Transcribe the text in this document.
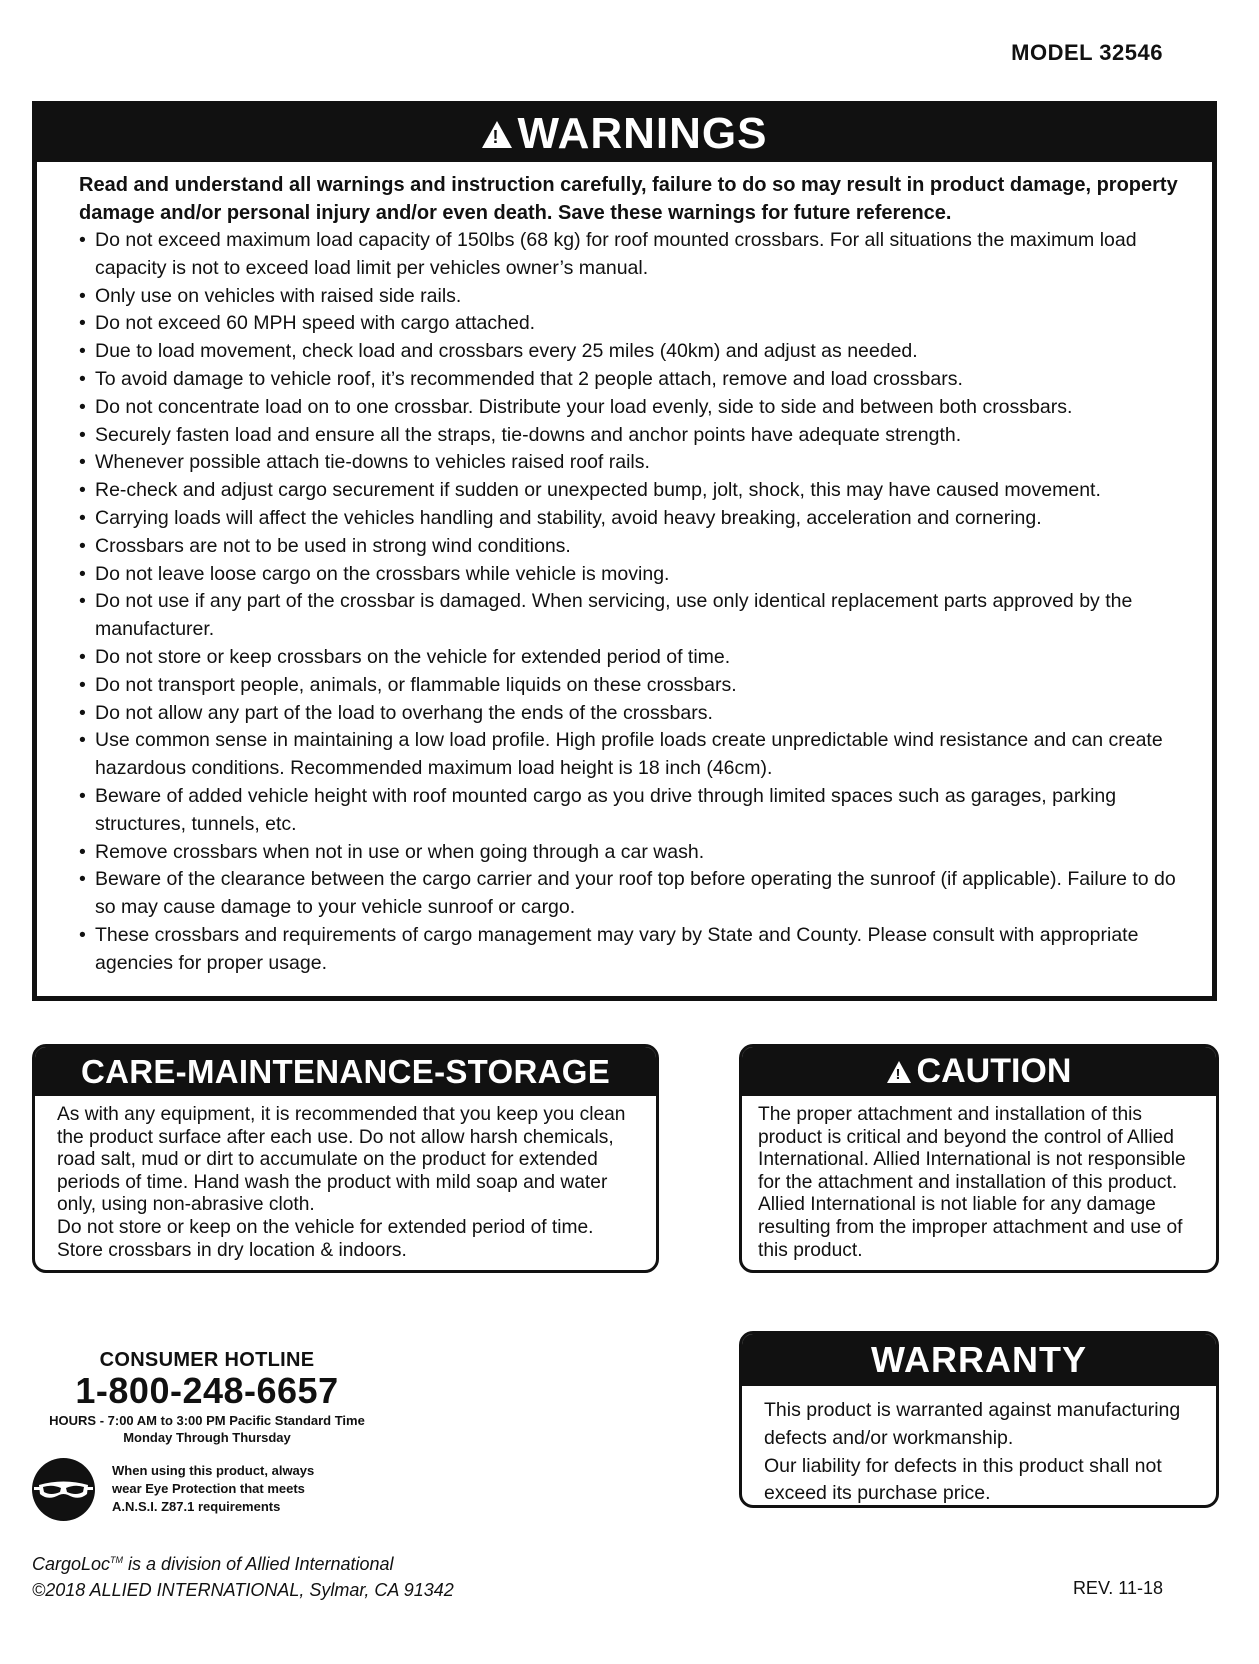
MODEL 32546
!
WARNINGS
Read and understand all warnings and instruction carefully, failure to do so may result in product damage, property damage and/or personal injury and/or even death. Save these warnings for future reference.
• Do not exceed maximum load capacity of 150lbs (68 kg) for roof mounted crossbars. For all situations the maximum load capacity is not to exceed load limit per vehicles owner’s manual.
• Only use on vehicles with raised side rails.
• Do not exceed 60 MPH speed with cargo attached.
• Due to load movement, check load and crossbars every 25 miles (40km) and adjust as needed.
• To avoid damage to vehicle roof, it’s recommended that 2 people attach, remove and load crossbars.
• Do not concentrate load on to one crossbar. Distribute your load evenly, side to side and between both crossbars.
• Securely fasten load and ensure all the straps, tie-downs and anchor points have adequate strength.
• Whenever possible attach tie-downs to vehicles raised roof rails.
• Re-check and adjust cargo securement if sudden or unexpected bump, jolt, shock, this may have caused movement.
• Carrying loads will affect the vehicles handling and stability, avoid heavy breaking, acceleration and cornering.
• Crossbars are not to be used in strong wind conditions.
• Do not leave loose cargo on the crossbars while vehicle is moving.
• Do not use if any part of the crossbar is damaged. When servicing, use only identical replacement parts approved by the manufacturer.
• Do not store or keep crossbars on the vehicle for extended period of time.
• Do not transport people, animals, or flammable liquids on these crossbars.
• Do not allow any part of the load to overhang the ends of the crossbars.
• Use common sense in maintaining a low load profile. High profile loads create unpredictable wind resistance and can create hazardous conditions. Recommended maximum load height is 18 inch (46cm).
• Beware of added vehicle height with roof mounted cargo as you drive through limited spaces such as garages, parking structures, tunnels, etc.
• Remove crossbars when not in use or when going through a car wash.
• Beware of the clearance between the cargo carrier and your roof top before operating the sunroof (if applicable). Failure to do so may cause damage to your vehicle sunroof or cargo.
• These crossbars and requirements of cargo management may vary by State and County. Please consult with appropriate agencies for proper usage.
CARE-MAINTENANCE-STORAGE
As with any equipment, it is recommended that you keep you clean the product surface after each use. Do not allow harsh chemicals, road salt, mud or dirt to accumulate on the product for extended periods of time. Hand wash the product with mild soap and water only, using non-abrasive cloth.
Do not store or keep on the vehicle for extended period of time. Store crossbars in dry location & indoors.
!
CAUTION
The proper attachment and installation of this product is critical and beyond the control of Allied International. Allied International is not responsible for the attachment and installation of this product. Allied International is not liable for any damage resulting from the improper attachment and use of this product.
WARRANTY
This product is warranted against manufacturing defects and/or workmanship.
Our liability for defects in this product shall not exceed its purchase price.
CONSUMER HOTLINE
1-800-248-6657
HOURS - 7:00 AM to 3:00 PM Pacific Standard Time
Monday Through Thursday
When using this product, always
wear Eye Protection that meets
A.N.S.I. Z87.1 requirements
CargoLoc™ is a division of Allied International
©2018 ALLIED INTERNATIONAL, Sylmar, CA 91342	REV. 11-18
